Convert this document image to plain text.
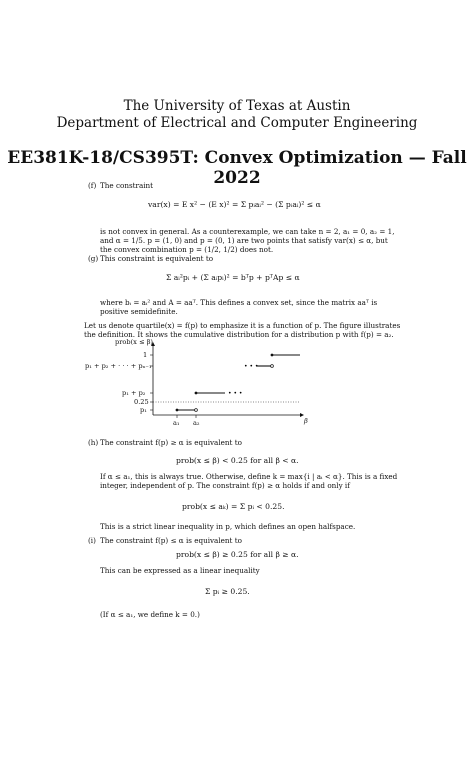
The University of Texas at Austin
Department of Electrical and Computer Engineering
EE381K-18/CS395T: Convex Optimization — Fall 2022
(f) The constraint
var(x) = E x² − (E x)² = Σ pᵢaᵢ² − (Σ pᵢaᵢ)² ≤ α
is not convex in general. As a counterexample, we can take n = 2, a₁ = 0, a₂ = 1,
and α = 1/5. p = (1, 0) and p = (0, 1) are two points that satisfy var(x) ≤ α, but
the convex combination p = (1/2, 1/2) does not.
(g) This constraint is equivalent to
Σ aᵢ²pᵢ + (Σ aᵢpᵢ)² = bᵀp + pᵀAp ≤ α
where bᵢ = aᵢ² and A = aaᵀ. This defines a convex set, since the matrix aaᵀ is
positive semidefinite.
Let us denote quartile(x) = f(p) to emphasize it is a function of p. The figure illustrates
the definition. It shows the cumulative distribution for a distribution p with f(p) = a₂.
• • •
• • •
prob(x ≤ β)
1
p₁ + p₂ + · · · + pₙ₋₁
p₁ + p₂
0.25
p₁
a₁ a₂	β
(h) The constraint f(p) ≥ α is equivalent to
prob(x ≤ β) < 0.25 for all β < α.
If α ≤ a₁, this is always true. Otherwise, define k = max{i | aᵢ < α}. This is a fixed
integer, independent of p. The constraint f(p) ≥ α holds if and only if
prob(x ≤ aₖ) = Σ pᵢ < 0.25.
This is a strict linear inequality in p, which defines an open halfspace.
(i) The constraint f(p) ≤ α is equivalent to
prob(x ≤ β) ≥ 0.25 for all β ≥ α.
This can be expressed as a linear inequality
Σ pᵢ ≥ 0.25.
(If α ≤ a₁, we define k = 0.)
